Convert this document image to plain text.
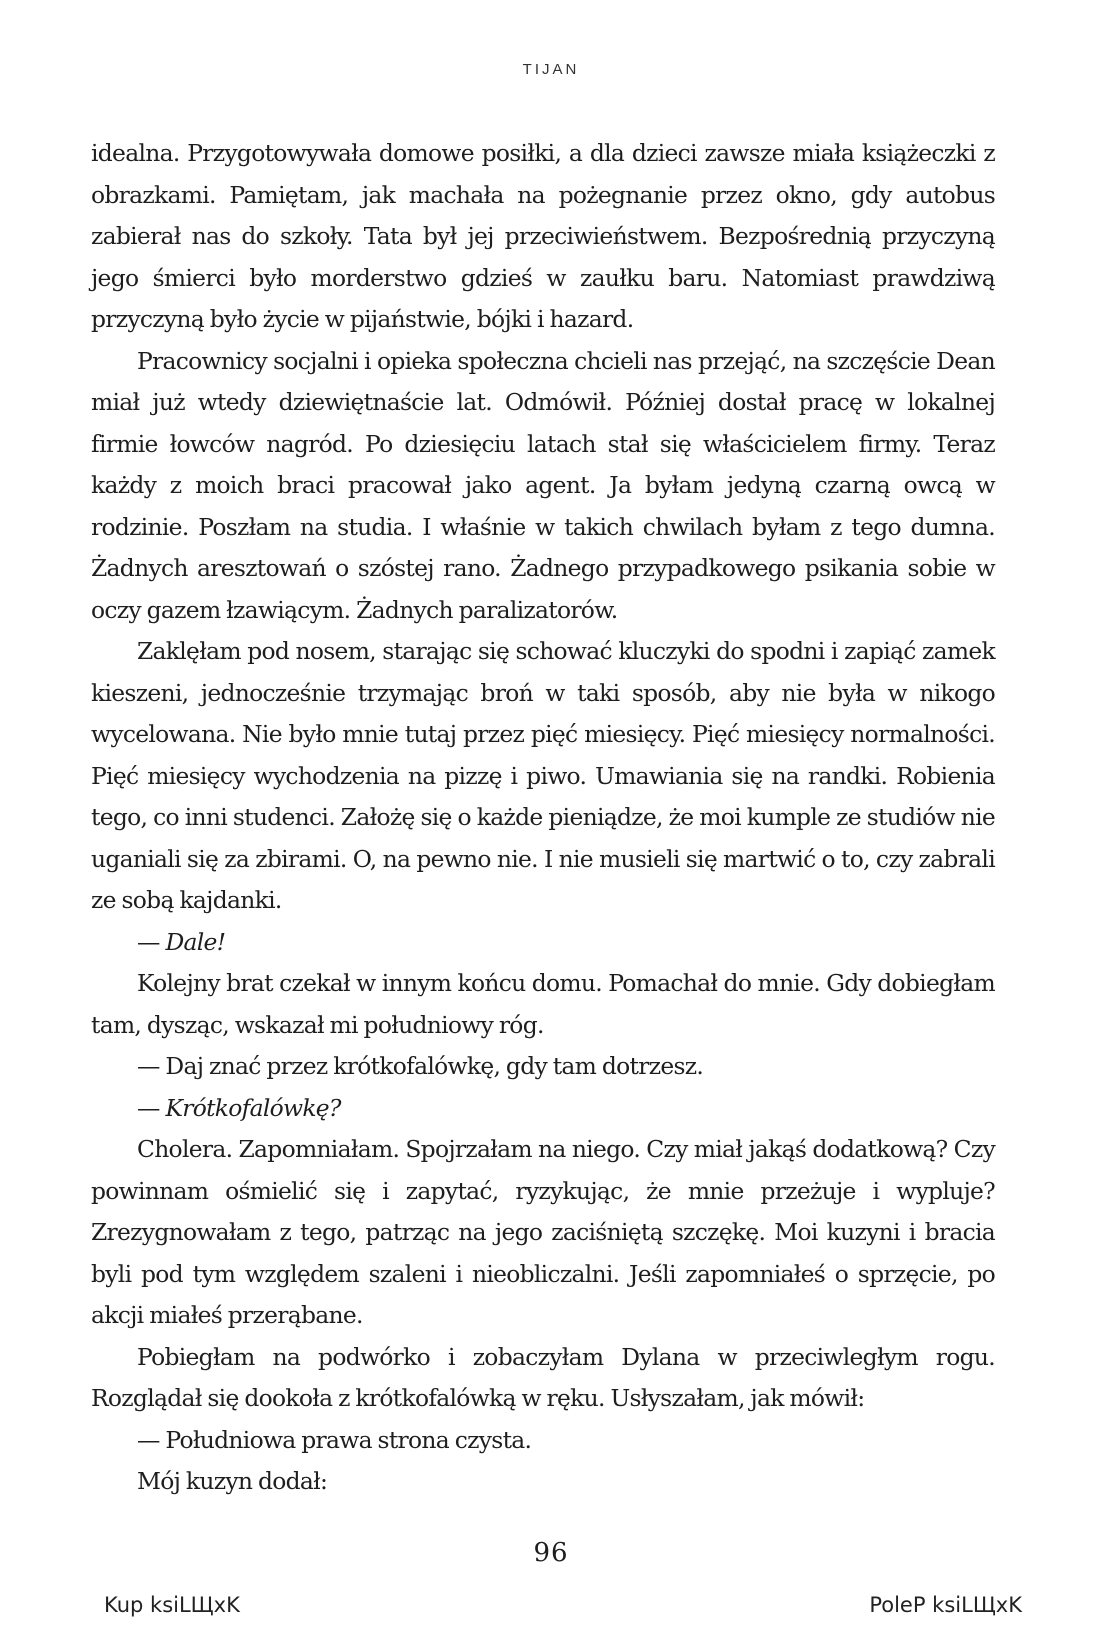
TIJAN

idealna. Przygotowywała domowe posiłki, a dla dzieci zawsze miała książeczki z obrazkami. Pamiętam, jak machała na pożegnanie przez okno, gdy autobus zabierał nas do szkoły. Tata był jej przeciwieństwem. Bezpośrednią przyczyną jego śmierci było morderstwo gdzieś w zaułku baru. Natomiast prawdziwą przyczyną było życie w pijaństwie, bójki i hazard.

Pracownicy socjalni i opieka społeczna chcieli nas przejąć, na szczęście Dean miał już wtedy dziewiętnaście lat. Odmówił. Później dostał pracę w lokalnej firmie łowców nagród. Po dziesięciu latach stał się właścicielem firmy. Teraz każdy z moich braci pracował jako agent. Ja byłam jedyną czarną owcą w rodzinie. Poszłam na studia. I właśnie w takich chwilach byłam z tego dumna. Żadnych aresztowań o szóstej rano. Żadnego przypadkowego psikania sobie w oczy gazem łzawiącym. Żadnych paralizatorów.

Zaklęłam pod nosem, starając się schować kluczyki do spodni i zapiąć zamek kieszeni, jednocześnie trzymając broń w taki sposób, aby nie była w nikogo wycelowana. Nie było mnie tutaj przez pięć miesięcy. Pięć miesięcy normalności. Pięć miesięcy wychodzenia na pizzę i piwo. Umawiania się na randki. Robienia tego, co inni studenci. Założę się o każde pieniądze, że moi kumple ze studiów nie uganiali się za zbirami. O, na pewno nie. I nie musieli się martwić o to, czy zabrali ze sobą kajdanki.

— Dale!

Kolejny brat czekał w innym końcu domu. Pomachał do mnie. Gdy dobiegłam tam, dysząc, wskazał mi południowy róg.

— Daj znać przez krótkofalówkę, gdy tam dotrzesz.

— Krótkofalówkę?

Cholera. Zapomniałam. Spojrzałam na niego. Czy miał jakąś dodatkową? Czy powinnam ośmielić się i zapytać, ryzykując, że mnie przeżuje i wypluje? Zrezygnowałam z tego, patrząc na jego zaciśniętą szczękę. Moi kuzyni i bracia byli pod tym względem szaleni i nieobliczalni. Jeśli zapomniałeś o sprzęcie, po akcji miałeś przerąbane.

Pobiegłam na podwórko i zobaczyłam Dylana w przeciwległym rogu. Rozglądał się dookoła z krótkofalówką w ręku. Usłyszałam, jak mówił:

— Południowa prawa strona czysta.

Mój kuzyn dodał:

96
Kup ksiLЩxK	PoleP ksiLЩxK
